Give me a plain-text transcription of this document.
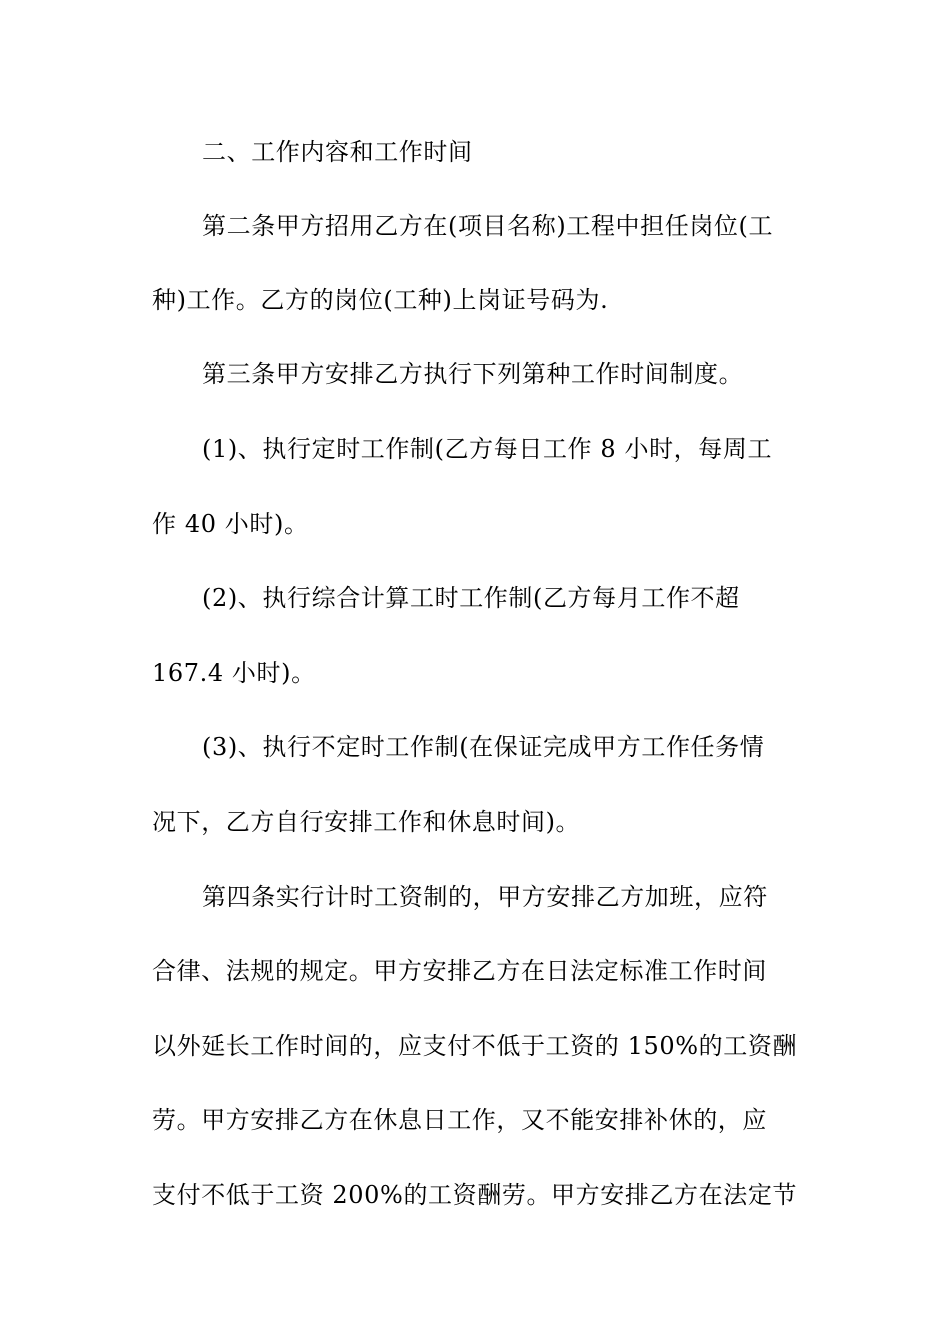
二、工作内容和工作时间
第二条甲方招用乙方在(项目名称)工程中担任岗位(工
种)工作。乙方的岗位(工种)上岗证号码为.
第三条甲方安排乙方执行下列第种工作时间制度。
(1)、执行定时工作制(乙方每日工作 8 小时，每周工
作 40 小时)。
(2)、执行综合计算工时工作制(乙方每月工作不超
167.4 小时)。
(3)、执行不定时工作制(在保证完成甲方工作任务情
况下，乙方自行安排工作和休息时间)。
第四条实行计时工资制的，甲方安排乙方加班，应符
合律、法规的规定。甲方安排乙方在日法定标准工作时间
以外延长工作时间的，应支付不低于工资的 150%的工资酬
劳。甲方安排乙方在休息日工作，又不能安排补休的，应
支付不低于工资 200%的工资酬劳。甲方安排乙方在法定节
